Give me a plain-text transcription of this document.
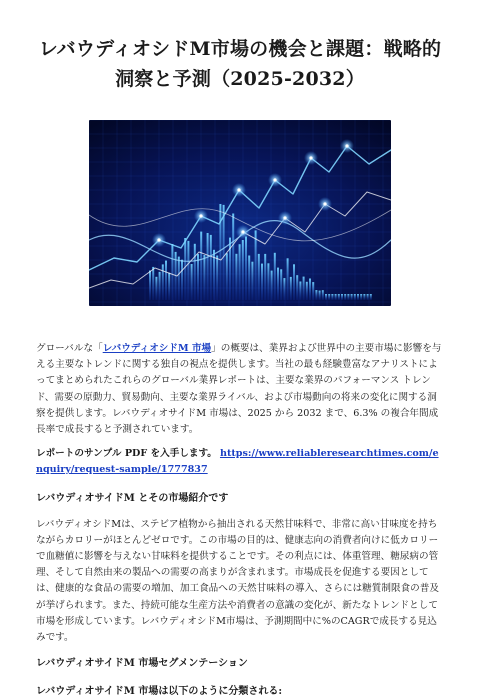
レバウディオシドM市場の機会と課題：戦略的
洞察と予測（2025-2032）

グローバルな「レバウディオシドM 市場」の概要は、業界および世界中の主要市場に影響を与える主要なトレンドに関する独自の視点を提供します。当社の最も経験豊富なアナリストによってまとめられたこれらのグローバル業界レポートは、主要な業界のパフォーマンス トレンド、需要の原動力、貿易動向、主要な業界ライバル、および市場動向の将来の変化に関する洞察を提供します。レバウディオサイドM 市場は、2025 から 2032 まで、6.3% の複合年間成長率で成長すると予測されています。

レポートのサンプル PDF を入手します。 https://www.reliableresearchtimes.com/enquiry/request-sample/1777837

レバウディオサイドM とその市場紹介です

レバウディオシドMは、ステビア植物から抽出される天然甘味料で、非常に高い甘味度を持ちながらカロリーがほとんどゼロです。この市場の目的は、健康志向の消費者向けに低カロリーで血糖値に影響を与えない甘味料を提供することです。その利点には、体重管理、糖尿病の管理、そして自然由来の製品への需要の高まりが含まれます。市場成長を促進する要因としては、健康的な食品の需要の増加、加工食品への天然甘味料の導入、さらには糖質制限食の普及が挙げられます。また、持続可能な生産方法や消費者の意識の変化が、新たなトレンドとして市場を形成しています。レバウディオシドM市場は、予測期間中に%のCAGRで成長する見込みです。

レバウディオサイドM 市場セグメンテーション
レバウディオサイドM 市場は以下のように分類される:
